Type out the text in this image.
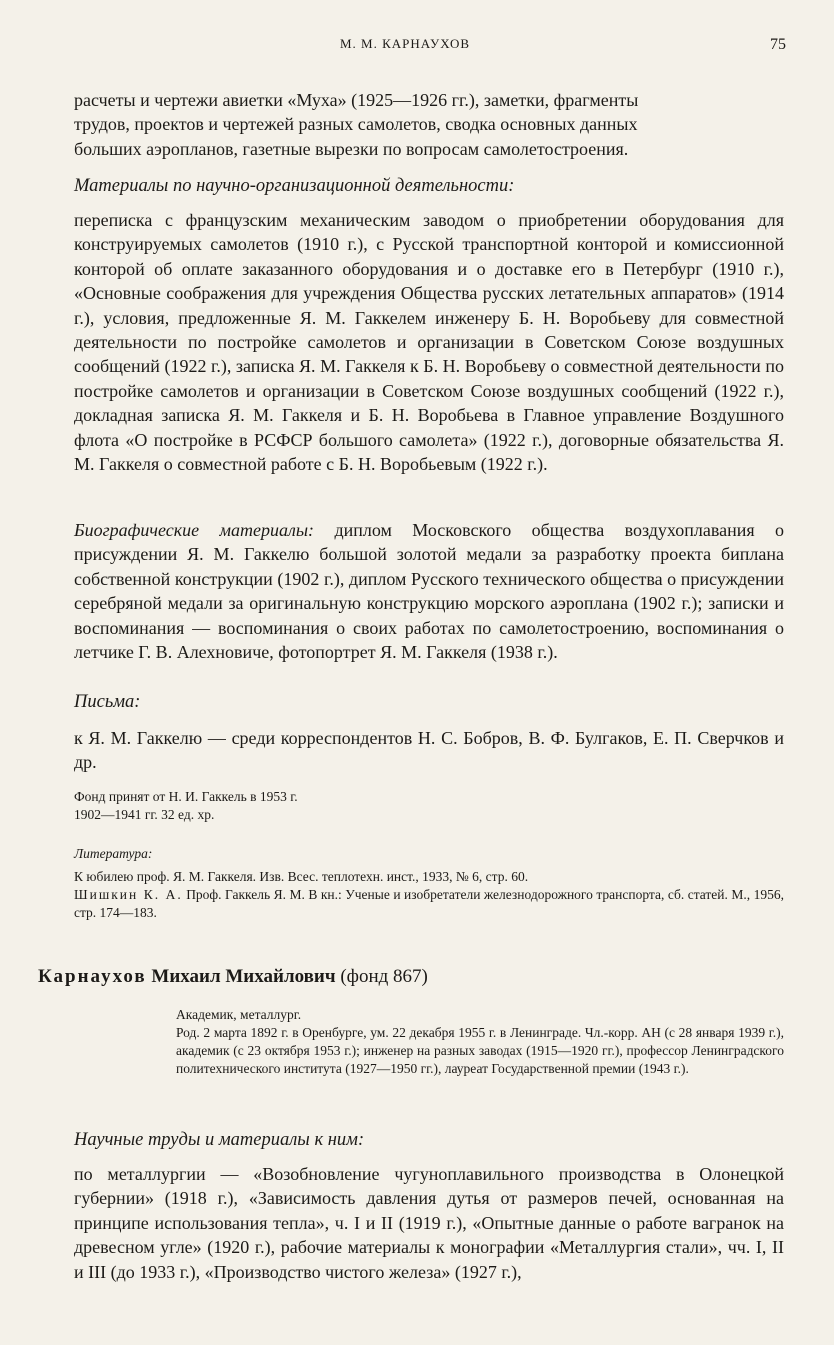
М. М. КАРНАУХОВ	75
расчеты и чертежи авиетки «Муха» (1925—1926 гг.), заметки, фрагменты
трудов, проектов и чертежей разных самолетов, сводка основных данных
больших аэропланов, газетные вырезки по вопросам самолетостроения.
Материалы по научно-организационной деятельности:
переписка с французским механическим заводом о приобретении оборудования для конструируемых самолетов (1910 г.), с Русской транспортной конторой и комиссионной конторой об оплате заказанного оборудования и о доставке его в Петербург (1910 г.), «Основные соображения для учреждения Общества русских летательных аппаратов» (1914 г.), условия, предложенные Я. М. Гаккелем инженеру Б. Н. Воробьеву для совместной деятельности по постройке самолетов и организации в Советском Союзе воздушных сообщений (1922 г.), записка Я. М. Гаккеля к Б. Н. Воробьеву о совместной деятельности по постройке самолетов и организации в Советском Союзе воздушных сообщений (1922 г.), докладная записка Я. М. Гаккеля и Б. Н. Воробьева в Главное управление Воздушного флота «О постройке в РСФСР большого самолета» (1922 г.), договорные обязательства Я. М. Гаккеля о совместной работе с Б. Н. Воробьевым (1922 г.).
Биографические материалы: диплом Московского общества воздухоплавания о присуждении Я. М. Гаккелю большой золотой медали за разработку проекта биплана собственной конструкции (1902 г.), диплом Русского технического общества о присуждении серебряной медали за оригинальную конструкцию морского аэроплана (1902 г.); записки и воспоминания — воспоминания о своих работах по самолетостроению, воспоминания о летчике Г. В. Алехновиче, фотопортрет Я. М. Гаккеля (1938 г.).
Письма:
к Я. М. Гаккелю — среди корреспондентов Н. С. Бобров, В. Ф. Булгаков, Е. П. Сверчков и др.
Фонд принят от Н. И. Гаккель в 1953 г.
1902—1941 гг. 32 ед. хр.
Литература:
К юбилею проф. Я. М. Гаккеля. Изв. Всес. теплотехн. инст., 1933, № 6, стр. 60.
Шишкин К. А. Проф. Гаккель Я. М. В кн.: Ученые и изобретатели железнодорожного транспорта, сб. статей. М., 1956, стр. 174—183.
Карнаухов Михаил Михайлович (фонд 867)
Академик, металлург.
Род. 2 марта 1892 г. в Оренбурге, ум. 22 декабря 1955 г. в Ленинграде. Чл.-корр. АН (с 28 января 1939 г.), академик (с 23 октября 1953 г.); инженер на разных заводах (1915—1920 гг.), профессор Ленинградского политехнического института (1927—1950 гг.), лауреат Государственной премии (1943 г.).
Научные труды и материалы к ним:
по металлургии — «Возобновление чугуноплавильного производства в Олонецкой губернии» (1918 г.), «Зависимость давления дутья от размеров печей, основанная на принципе использования тепла», ч. I и II (1919 г.), «Опытные данные о работе вагранок на древесном угле» (1920 г.), рабочие материалы к монографии «Металлургия стали», чч. I, II и III (до 1933 г.), «Производство чистого железа» (1927 г.),
